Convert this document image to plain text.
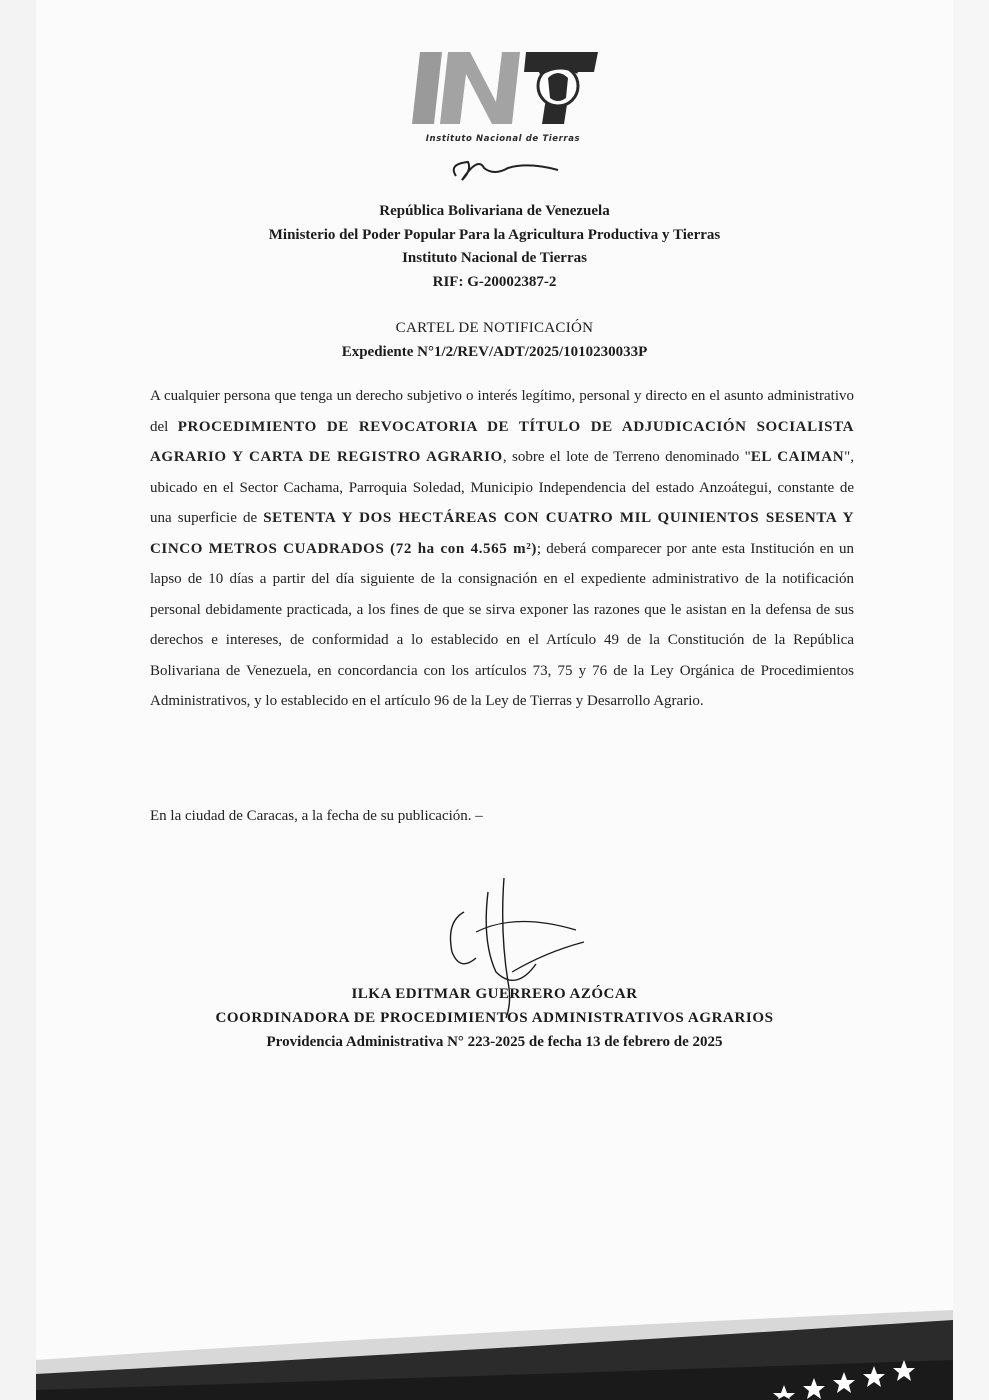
Instituto Nacional de Tierras
República Bolivariana de Venezuela
Ministerio del Poder Popular Para la Agricultura Productiva y Tierras
Instituto Nacional de Tierras
RIF: G-20002387-2
CARTEL DE NOTIFICACIÓN
Expediente N°1/2/REV/ADT/2025/1010230033P
A cualquier persona que tenga un derecho subjetivo o interés legítimo, personal y directo en el asunto administrativo del PROCEDIMIENTO DE REVOCATORIA DE TÍTULO DE ADJUDICACIÓN SOCIALISTA AGRARIO Y CARTA DE REGISTRO AGRARIO, sobre el lote de Terreno denominado "EL CAIMAN", ubicado en el Sector Cachama, Parroquia Soledad, Municipio Independencia del estado Anzoátegui, constante de una superficie de SETENTA Y DOS HECTÁREAS CON CUATRO MIL QUINIENTOS SESENTA Y CINCO METROS CUADRADOS (72 ha con 4.565 m²); deberá comparecer por ante esta Institución en un lapso de 10 días a partir del día siguiente de la consignación en el expediente administrativo de la notificación personal debidamente practicada, a los fines de que se sirva exponer las razones que le asistan en la defensa de sus derechos e intereses, de conformidad a lo establecido en el Artículo 49 de la Constitución de la República Bolivariana de Venezuela, en concordancia con los artículos 73, 75 y 76 de la Ley Orgánica de Procedimientos Administrativos, y lo establecido en el artículo 96 de la Ley de Tierras y Desarrollo Agrario.
En la ciudad de Caracas, a la fecha de su publicación. –
ILKA EDITMAR GUERRERO AZÓCAR
COORDINADORA DE PROCEDIMIENTOS ADMINISTRATIVOS AGRARIOS
Providencia Administrativa N° 223-2025 de fecha 13 de febrero de 2025
